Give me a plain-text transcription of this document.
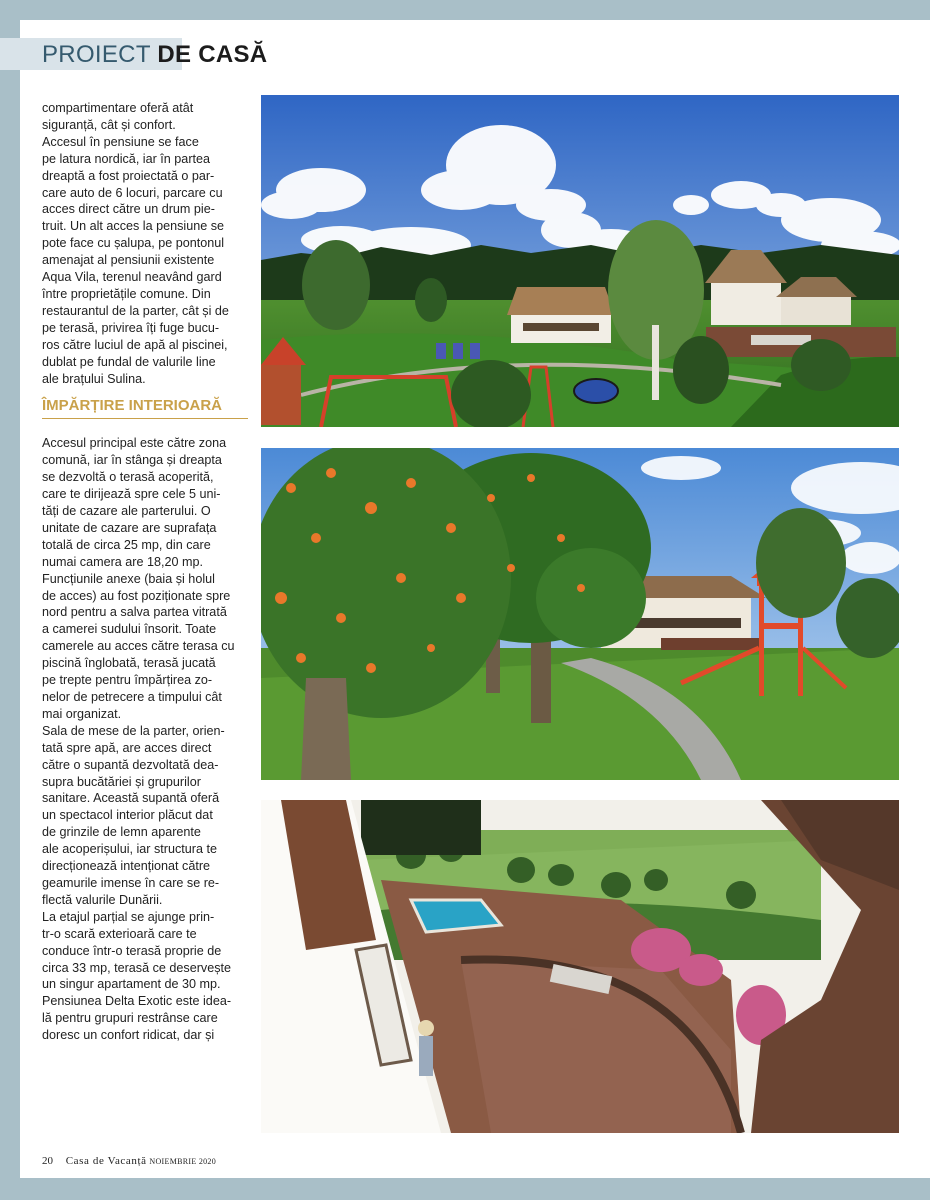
PROIECT DE CASĂ

compartimentare oferă atât
siguranță, cât și confort.
Accesul în pensiune se face
pe latura nordică, iar în partea
dreaptă a fost proiectată o par-
care auto de 6 locuri, parcare cu
acces direct către un drum pie-
truit. Un alt acces la pensiune se
pote face cu șalupa, pe pontonul
amenajat al pensiunii existente
Aqua Vila, terenul neavând gard
între proprietățile comune. Din
restaurantul de la parter, cât și de
pe terasă, privirea îți fuge bucu-
ros către luciul de apă al piscinei,
dublat pe fundal de valurile line
ale brațului Sulina.

ÎMPĂRȚIRE INTERIOARĂ

Accesul principal este către zona
comună, iar în stânga și dreapta
se dezvoltă o terasă acoperită,
care te dirijează spre cele 5 uni-
tăți de cazare ale parterului. O
unitate de cazare are suprafața
totală de circa 25 mp, din care
numai camera are 18,20 mp.
Funcțiunile anexe (baia și holul
de acces) au fost poziționate spre
nord pentru a salva partea vitrată
a camerei sudului însorit. Toate
camerele au acces către terasa cu
piscină înglobată, terasă jucată
pe trepte pentru împărțirea zo-
nelor de petrecere a timpului cât
mai organizat.

Sala de mese de la parter, orien-
tată spre apă, are acces direct
către o supantă dezvoltată dea-
supra bucătăriei și grupurilor
sanitare. Această supantă oferă
un spectacol interior plăcut dat
de grinzile de lemn aparente
ale acoperișului, iar structura te
direcționează intenționat către
geamurile imense în care se re-
flectă valurile Dunării.

La etajul parțial se ajunge prin-
tr-o scară exterioară care te
conduce într-o terasă proprie de
circa 33 mp, terasă ce deservește
un singur apartament de 30 mp.
Pensiunea Delta Exotic este idea-
lă pentru grupuri restrânse care
doresc un confort ridicat, dar și

20 Casa de Vacanță NOIEMBRIE 2020
